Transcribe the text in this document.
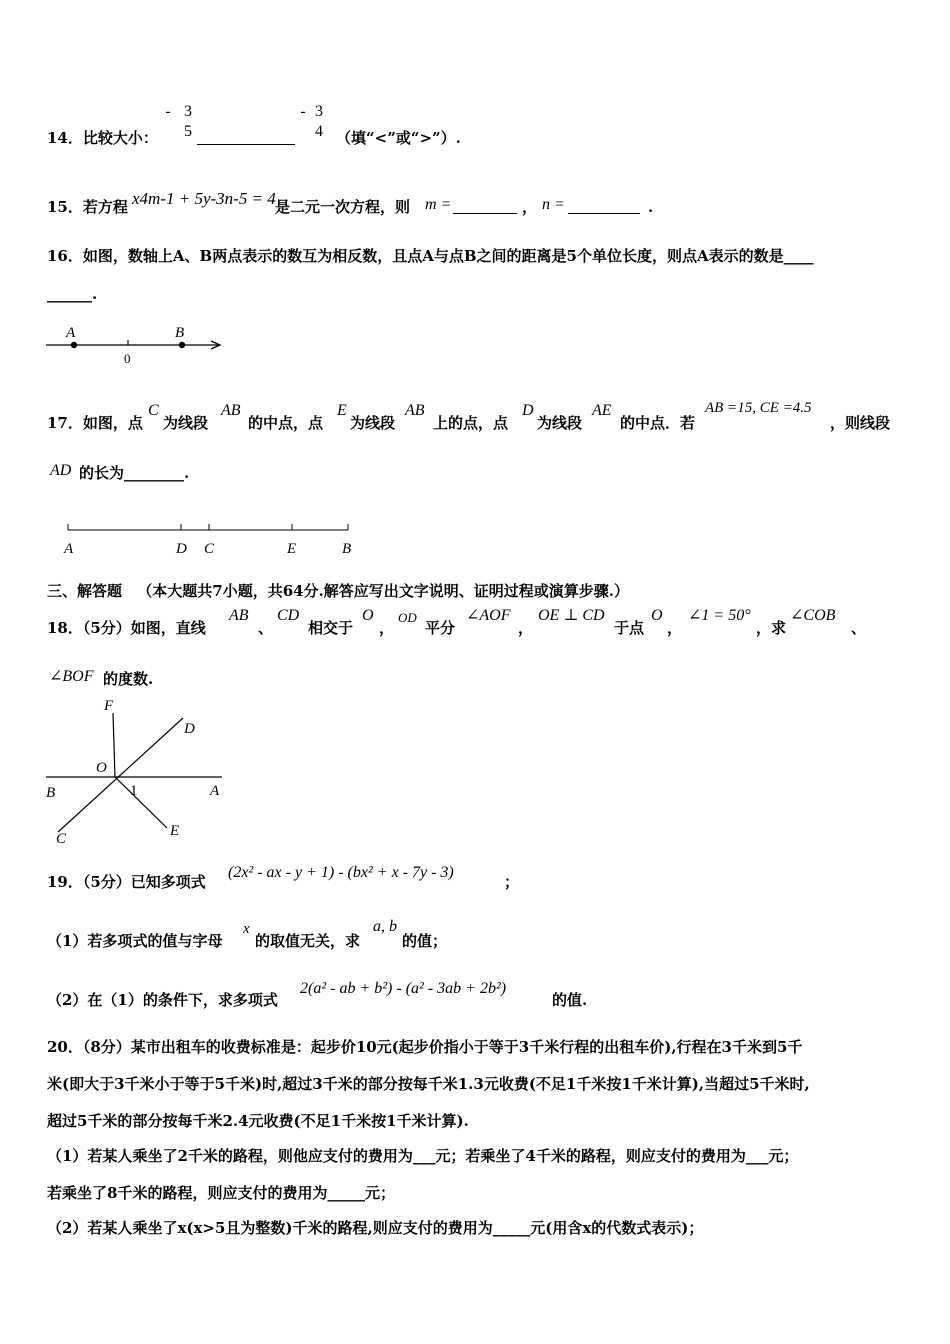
14．比较大小：
- 3
5
- 3
4 （填“<”或“>”）.
15．若方程 x4m-1 + 5y-3n-5 = 4 是二元一次方程，则 m =	， n =	.
16．如图，数轴上A、B两点表示的数互为相反数，且点A与点B之间的距离是5个单位长度，则点A表示的数是____
______.
A	B
0
17．如图，点
C
为线段
AB
的中点，点
E
为线段
AB
上的点，点
D
为线段
AE
的中点．若
AB =15, CE =4.5
，则线段
AD 的长为________.
A	D C	E	B
三、解答题 （本大题共7小题，共64分.解答应写出文字说明、证明过程或演算步骤.）
18．（5分）如图，直线
AB
、
CD
相交于
O
，
OD
平分
∠AOF
，
OE ⊥ CD
于点
O
，
∠1 = 50°
，求
∠COB
、
∠BOF 的度数.
F
D
O
B	1	A
C	E
19．（5分）已知多项式
(2x² - ax - y + 1) - (bx² + x - 7y - 3)
；
（1）若多项式的值与字母
x
的取值无关，求
a, b
的值；
（2）在（1）的条件下，求多项式
2(a² - ab + b²) - (a² - 3ab + 2b²)
的值.
20．（8分）某市出租车的收费标准是：起步价10元(起步价指小于等于3千米行程的出租车价),行程在3千米到5千
米(即大于3千米小于等于5千米)时,超过3千米的部分按每千米1.3元收费(不足1千米按1千米计算),当超过5千米时,
超过5千米的部分按每千米2.4元收费(不足1千米按1千米计算).
（1）若某人乘坐了2千米的路程，则他应支付的费用为___元；若乘坐了4千米的路程，则应支付的费用为___元；
若乘坐了8千米的路程，则应支付的费用为_____元；
（2）若某人乘坐了x(x>5且为整数)千米的路程,则应支付的费用为_____元(用含x的代数式表示)；
